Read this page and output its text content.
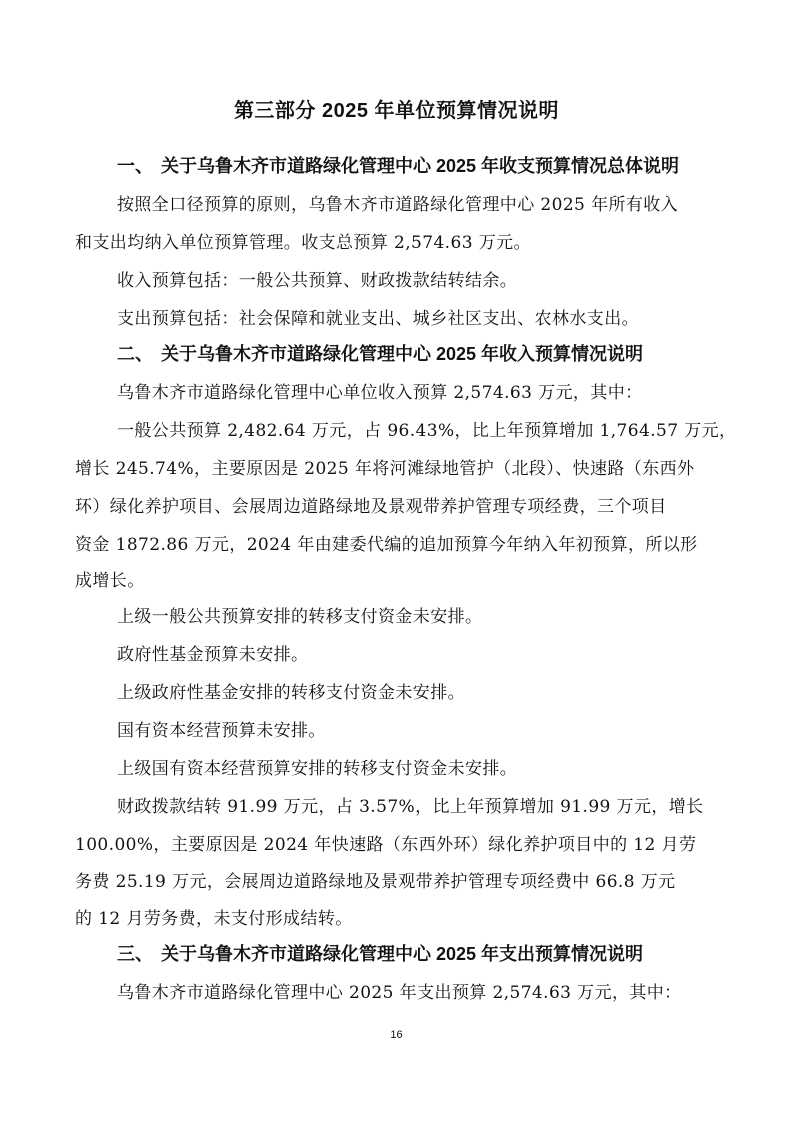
第三部分 2025 年单位预算情况说明
一、 关于乌鲁木齐市道路绿化管理中心 2025 年收支预算情况总体说明
按照全口径预算的原则，乌鲁木齐市道路绿化管理中心 2025 年所有收入
和支出均纳入单位预算管理。收支总预算 2,574.63 万元。
收入预算包括：一般公共预算、财政拨款结转结余。
支出预算包括：社会保障和就业支出、城乡社区支出、农林水支出。
二、 关于乌鲁木齐市道路绿化管理中心 2025 年收入预算情况说明
乌鲁木齐市道路绿化管理中心单位收入预算 2,574.63 万元，其中：
一般公共预算 2,482.64 万元，占 96.43%，比上年预算增加 1,764.57 万元，
增长 245.74%，主要原因是 2025 年将河滩绿地管护（北段）、快速路（东西外
环）绿化养护项目、会展周边道路绿地及景观带养护管理专项经费，三个项目
资金 1872.86 万元，2024 年由建委代编的追加预算今年纳入年初预算，所以形
成增长。
上级一般公共预算安排的转移支付资金未安排。
政府性基金预算未安排。
上级政府性基金安排的转移支付资金未安排。
国有资本经营预算未安排。
上级国有资本经营预算安排的转移支付资金未安排。
财政拨款结转 91.99 万元，占 3.57%，比上年预算增加 91.99 万元，增长
100.00%，主要原因是 2024 年快速路（东西外环）绿化养护项目中的 12 月劳
务费 25.19 万元，会展周边道路绿地及景观带养护管理专项经费中 66.8 万元
的 12 月劳务费，未支付形成结转。
三、 关于乌鲁木齐市道路绿化管理中心 2025 年支出预算情况说明
乌鲁木齐市道路绿化管理中心 2025 年支出预算 2,574.63 万元，其中：
16
